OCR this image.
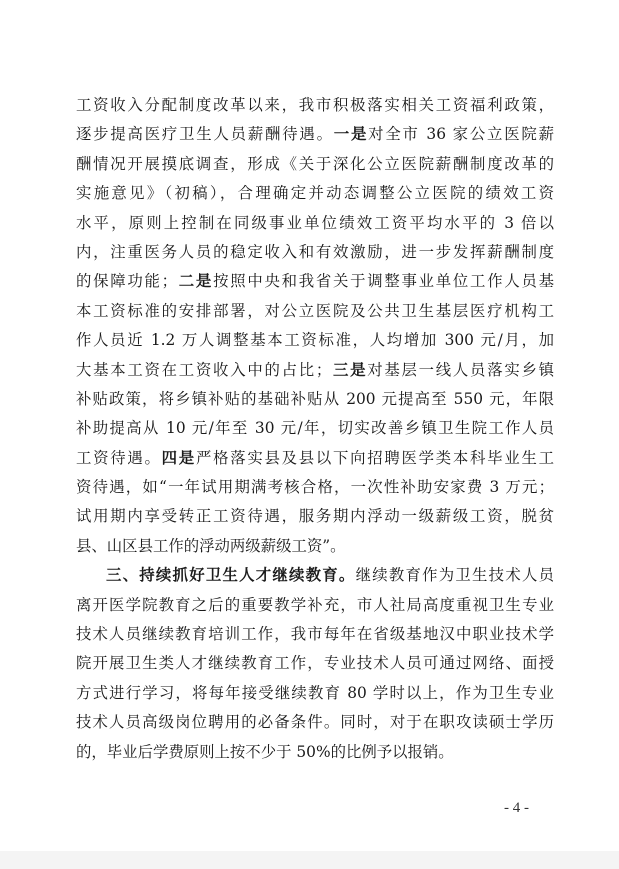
工资收入分配制度改革以来，我市积极落实相关工资福利政策，
逐步提高医疗卫生人员薪酬待遇。一是对全市 36 家公立医院薪
酬情况开展摸底调查，形成《关于深化公立医院薪酬制度改革的
实施意见》（初稿），合理确定并动态调整公立医院的绩效工资
水平，原则上控制在同级事业单位绩效工资平均水平的 3 倍以
内，注重医务人员的稳定收入和有效激励，进一步发挥薪酬制度
的保障功能；二是按照中央和我省关于调整事业单位工作人员基
本工资标准的安排部署，对公立医院及公共卫生基层医疗机构工
作人员近 1.2 万人调整基本工资标准，人均增加 300 元/月，加
大基本工资在工资收入中的占比；三是对基层一线人员落实乡镇
补贴政策，将乡镇补贴的基础补贴从 200 元提高至 550 元，年限
补助提高从 10 元/年至 30 元/年，切实改善乡镇卫生院工作人员
工资待遇。四是严格落实县及县以下向招聘医学类本科毕业生工
资待遇，如“一年试用期满考核合格，一次性补助安家费 3 万元；
试用期内享受转正工资待遇，服务期内浮动一级薪级工资，脱贫
县、山区县工作的浮动两级薪级工资”。
三、持续抓好卫生人才继续教育。继续教育作为卫生技术人员
离开医学院教育之后的重要教学补充，市人社局高度重视卫生专业
技术人员继续教育培训工作，我市每年在省级基地汉中职业技术学
院开展卫生类人才继续教育工作，专业技术人员可通过网络、面授
方式进行学习，将每年接受继续教育 80 学时以上，作为卫生专业
技术人员高级岗位聘用的必备条件。同时，对于在职攻读硕士学历
的，毕业后学费原则上按不少于 50%的比例予以报销。
- 4 -
